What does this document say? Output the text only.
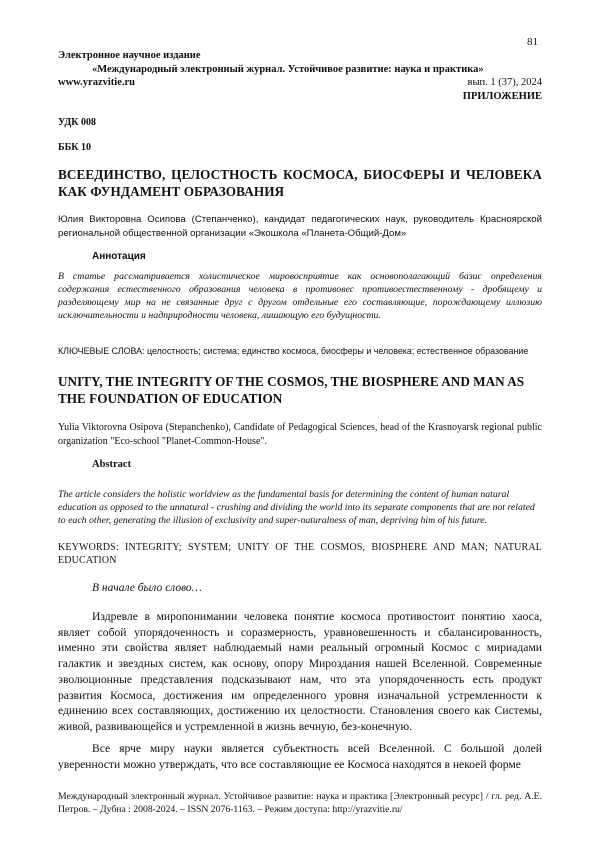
81
Электронное научное издание
«Международный электронный журнал. Устойчивое развитие: наука и практика»
www.yrazvitie.ru	вып. 1 (37), 2024
ПРИЛОЖЕНИЕ
УДК 008
ББК 10
ВСЕЕДИНСТВО, ЦЕЛОСТНОСТЬ КОСМОСА, БИОСФЕРЫ И ЧЕЛОВЕКА КАК ФУНДАМЕНТ ОБРАЗОВАНИЯ
Юлия Викторовна Осипова (Степанченко), кандидат педагогических наук, руководитель Красноярской региональной общественной организации «Экошкола «Планета-Общий-Дом»
Аннотация
В статье рассматривается холистическое мировосприятие как основополагающий базис определения содержания естественного образования человека в противовес противоестественному - дробящему и разделяющему мир на не связанные друг с другом отдельные его составляющие, порождающему иллюзию исключительности и надприродности человека, лишающую его будущности.
КЛЮЧЕВЫЕ СЛОВА: целостность; система; единство космоса, биосферы и человека; естественное образование
UNITY, THE INTEGRITY OF THE COSMOS, THE BIOSPHERE AND MAN AS THE FOUNDATION OF EDUCATION
Yulia Viktorovna Osipova (Stepanchenko), Candidate of Pedagogical Sciences, head of the Krasnoyarsk regional public organization "Eco-school "Planet-Common-House".
Abstract
The article considers the holistic worldview as the fundamental basis for determining the content of human natural education as opposed to the unnatural - crushing and dividing the world into its separate components that are not related to each other, generating the illusion of exclusivity and super-naturalness of man, depriving him of his future.
KEYWORDS: INTEGRITY; SYSTEM; UNITY OF THE COSMOS, BIOSPHERE AND MAN; NATURAL EDUCATION
В начале было слово…

Издревле в миропонимании человека понятие космоса противостоит понятию хаоса, являет собой упорядоченность и соразмерность, уравновешенность и сбалансированность, именно эти свойства являет наблюдаемый нами реальный огромный Космос с мириадами галактик и звездных систем, как основу, опору Мироздания нашей Вселенной. Современные эволюционные представления подсказывают нам, что эта упорядоченность есть продукт развития Космоса, достижения им определенного уровня изначальной устремленности к единению всех составляющих, достижению их целостности. Становления своего как Системы, живой, развивающейся и устремленной в жизнь вечную, без-конечную.

Все ярче миру науки является субъектность всей Вселенной. С большой долей уверенности можно утверждать, что все составляющие ее Космоса находятся в некоей форме

Международный электронный журнал. Устойчивое развитие: наука и практика [Электронный ресурс] / гл. ред. А.Е. Петров. – Дубна : 2008-2024. – ISSN 2076-1163. – Режим доступа: http://yrazvitie.ru/
